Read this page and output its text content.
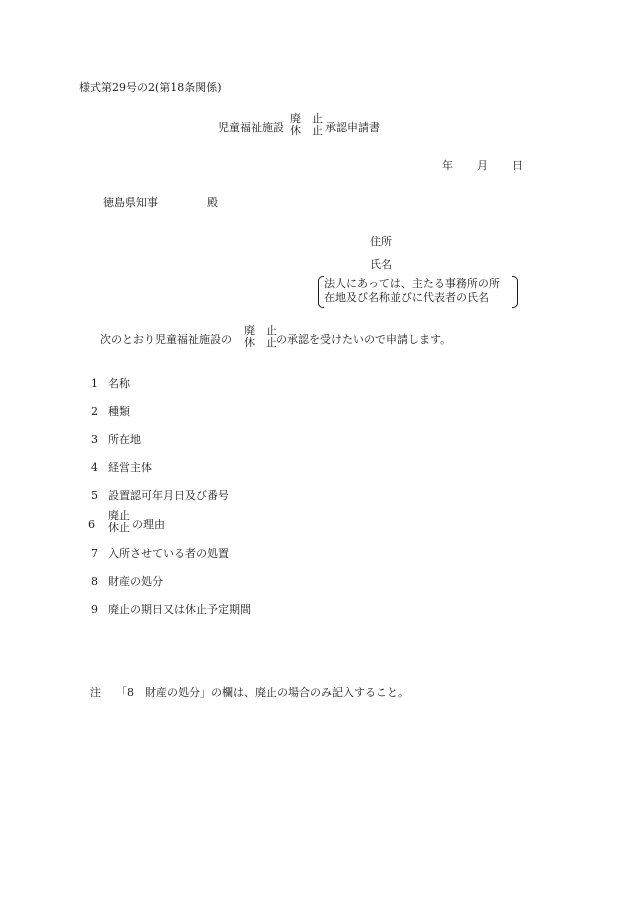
様式第29号の2(第18条関係)
児童福祉施設
廃　止
休　止 承認申請書
年 月 日
徳島県知事	殿
住所
氏名
法人にあっては、主たる事務所の所
在地及び名称並びに代表者の氏名
次のとおり児童福祉施設の
廃　止
休　止 の承認を受けたいので申請します。
1 名称
2 種類
3 所在地
4 経営主体
5 設置認可年月日及び番号
6
廃止
休止 の理由
7 入所させている者の処置
8 財産の処分
9 廃止の期日又は休止予定期間
注 「8　財産の処分」の欄は、廃止の場合のみ記入すること。
